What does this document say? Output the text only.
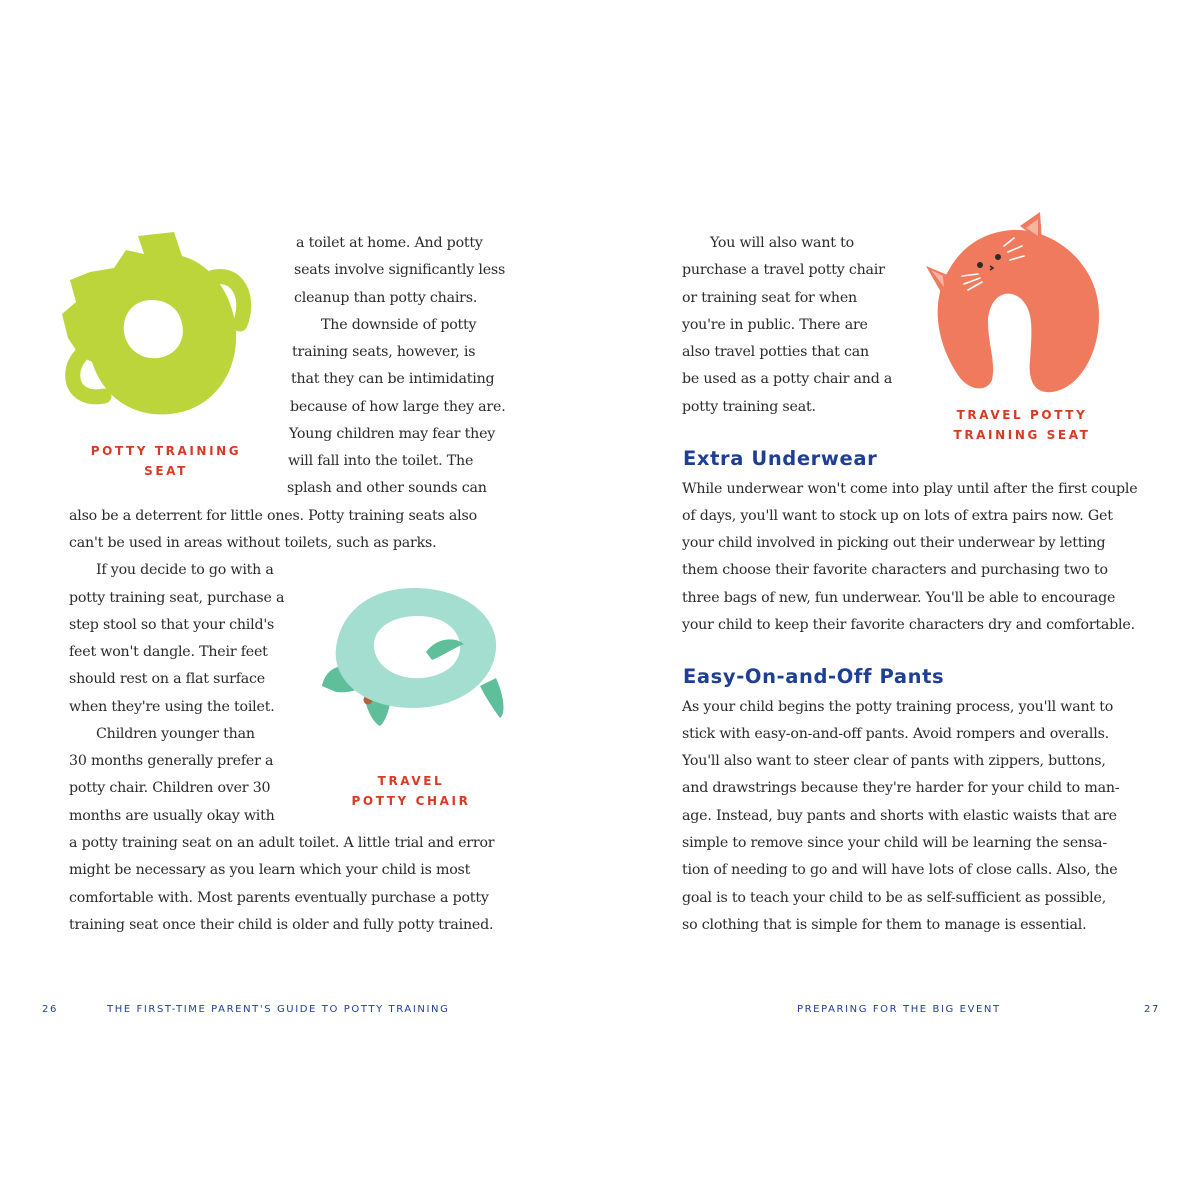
POTTY TRAINING
SEAT
TRAVEL
POTTY CHAIR
a toilet at home. And potty
seats involve significantly less
cleanup than potty chairs.
The downside of potty
training seats, however, is
that they can be intimidating
because of how large they are.
Young children may fear they
will fall into the toilet. The
splash and other sounds can
also be a deterrent for little ones. Potty training seats also
can't be used in areas without toilets, such as parks.
If you decide to go with a
potty training seat, purchase a
step stool so that your child's
feet won't dangle. Their feet
should rest on a flat surface
when they're using the toilet.
Children younger than
30 months generally prefer a
potty chair. Children over 30
months are usually okay with
a potty training seat on an adult toilet. A little trial and error
might be necessary as you learn which your child is most
comfortable with. Most parents eventually purchase a potty
training seat once their child is older and fully potty trained.
26	THE FIRST-TIME PARENT'S GUIDE TO POTTY TRAINING
TRAVEL POTTY
TRAINING SEAT
You will also want to
purchase a travel potty chair
or training seat for when
you're in public. There are
also travel potties that can
be used as a potty chair and a
potty training seat.
Extra Underwear
While underwear won't come into play until after the first couple
of days, you'll want to stock up on lots of extra pairs now. Get
your child involved in picking out their underwear by letting
them choose their favorite characters and purchasing two to
three bags of new, fun underwear. You'll be able to encourage
your child to keep their favorite characters dry and comfortable.
Easy-On-and-Off Pants
As your child begins the potty training process, you'll want to
stick with easy-on-and-off pants. Avoid rompers and overalls.
You'll also want to steer clear of pants with zippers, buttons,
and drawstrings because they're harder for your child to man-
age. Instead, buy pants and shorts with elastic waists that are
simple to remove since your child will be learning the sensa-
tion of needing to go and will have lots of close calls. Also, the
goal is to teach your child to be as self-sufficient as possible,
so clothing that is simple for them to manage is essential.
PREPARING FOR THE BIG EVENT	27
